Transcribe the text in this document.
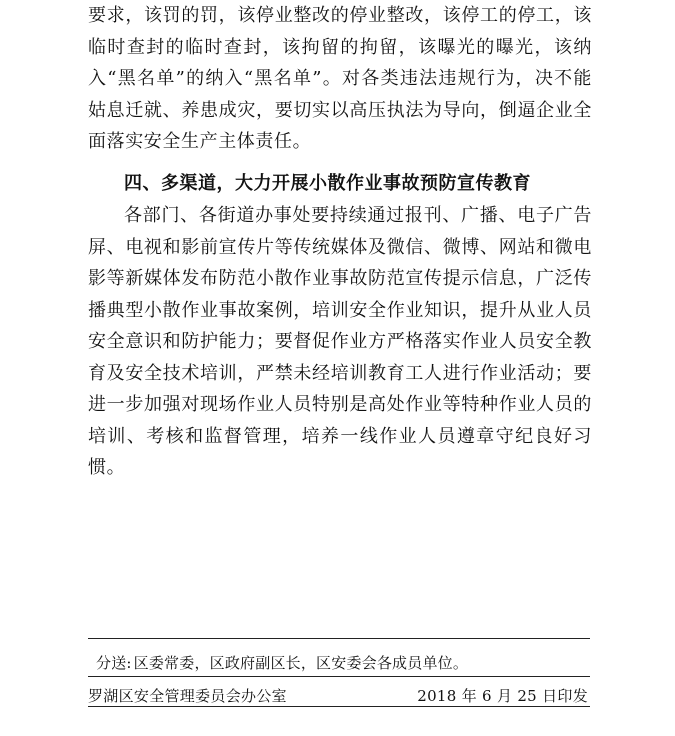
要求，该罚的罚，该停业整改的停业整改，该停工的停工，该临时查封的临时查封，该拘留的拘留，该曝光的曝光，该纳入“黑名单”的纳入“黑名单”。对各类违法违规行为，决不能姑息迁就、养患成灾，要切实以高压执法为导向，倒逼企业全面落实安全生产主体责任。

四、多渠道，大力开展小散作业事故预防宣传教育

各部门、各街道办事处要持续通过报刊、广播、电子广告屏、电视和影前宣传片等传统媒体及微信、微博、网站和微电影等新媒体发布防范小散作业事故防范宣传提示信息，广泛传播典型小散作业事故案例，培训安全作业知识，提升从业人员安全意识和防护能力；要督促作业方严格落实作业人员安全教育及安全技术培训，严禁未经培训教育工人进行作业活动；要进一步加强对现场作业人员特别是高处作业等特种作业人员的培训、考核和监督管理，培养一线作业人员遵章守纪良好习惯。

分送: 区委常委，区政府副区长，区安委会各成员单位。
罗湖区安全管理委员会办公室	2018 年 6 月 25 日印发
